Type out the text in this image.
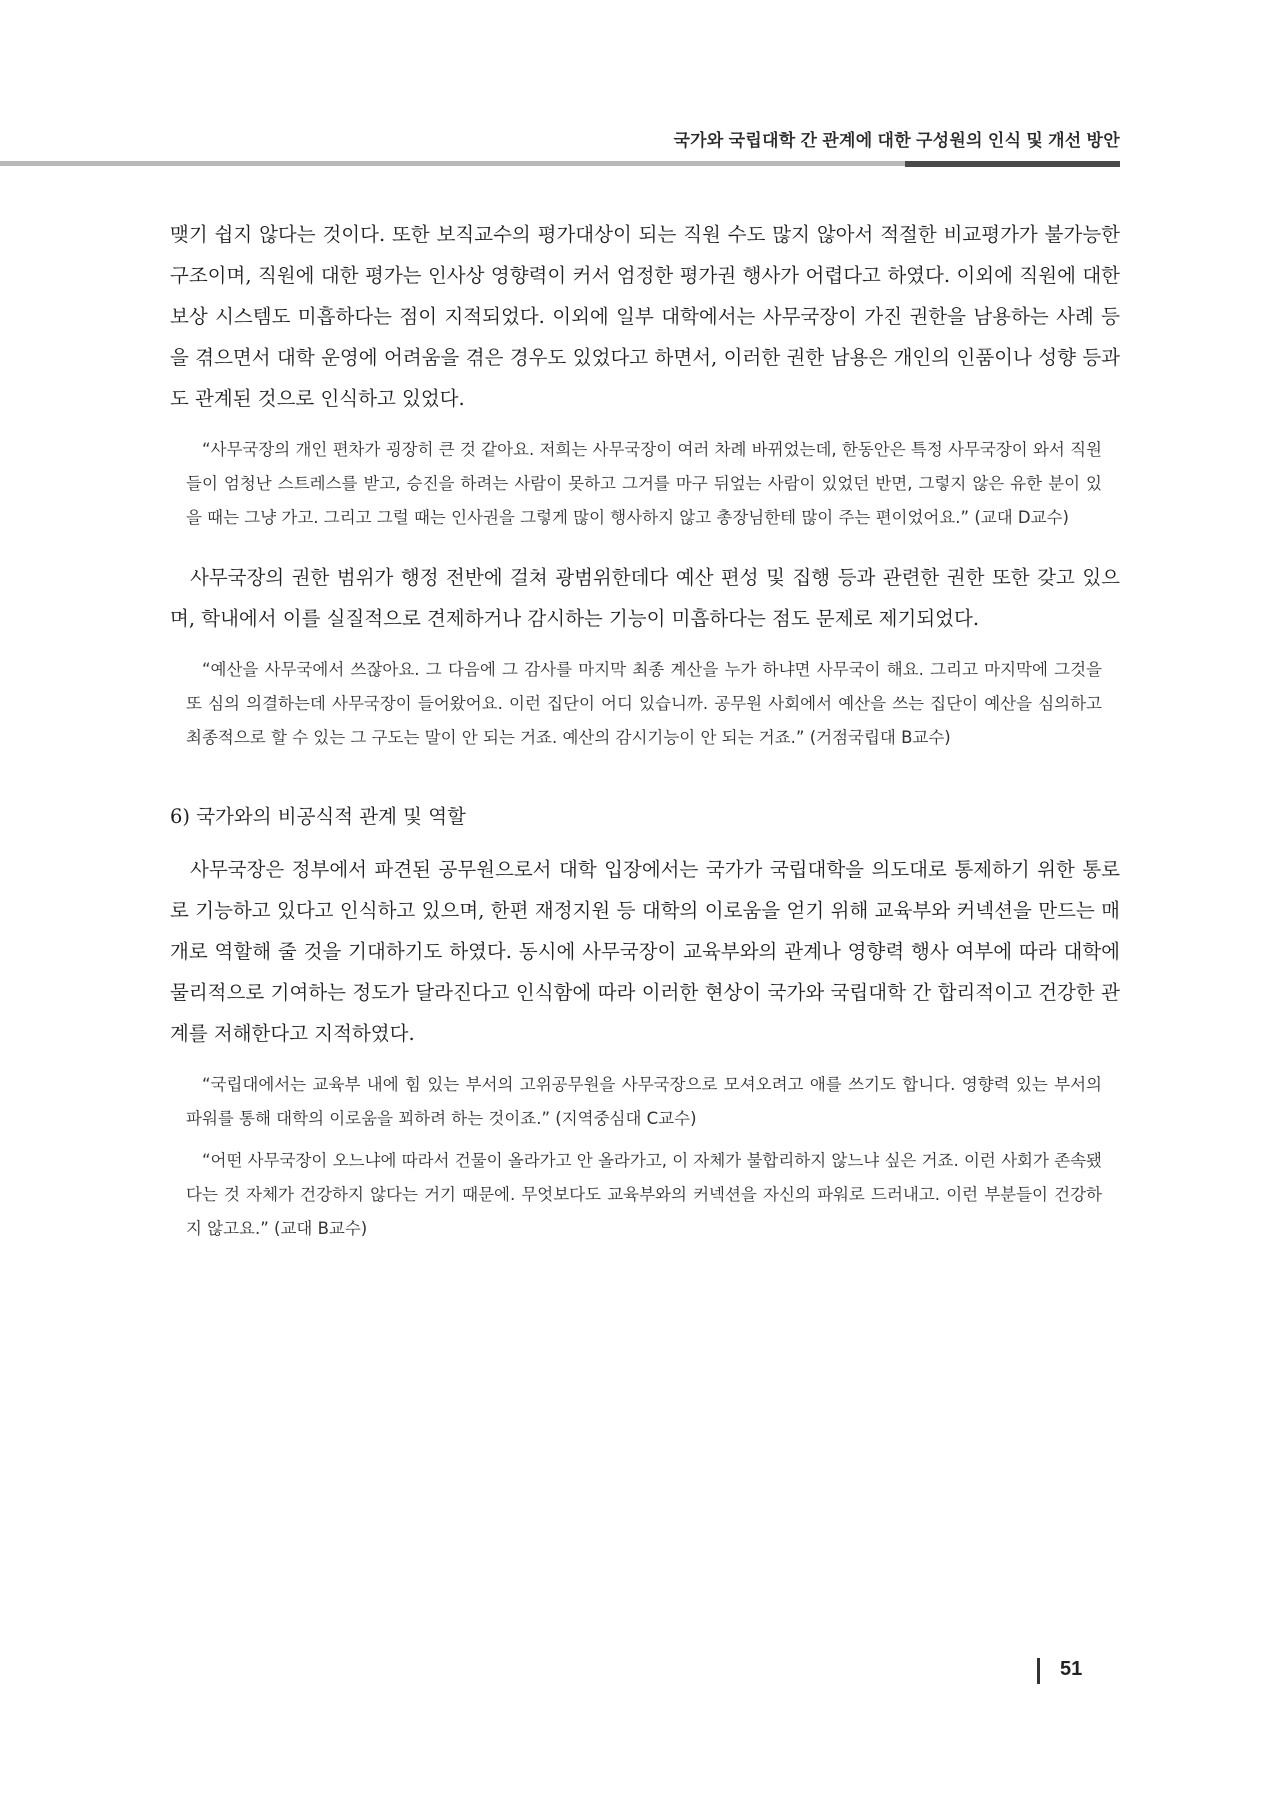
국가와 국립대학 간 관계에 대한 구성원의 인식 및 개선 방안

맺기 쉽지 않다는 것이다. 또한 보직교수의 평가대상이 되는 직원 수도 많지 않아서 적절한 비교평가가 불가능한 구조이며, 직원에 대한 평가는 인사상 영향력이 커서 엄정한 평가권 행사가 어렵다고 하였다. 이외에 직원에 대한 보상 시스템도 미흡하다는 점이 지적되었다. 이외에 일부 대학에서는 사무국장이 가진 권한을 남용하는 사례 등을 겪으면서 대학 운영에 어려움을 겪은 경우도 있었다고 하면서, 이러한 권한 남용은 개인의 인품이나 성향 등과도 관계된 것으로 인식하고 있었다.

“사무국장의 개인 편차가 굉장히 큰 것 같아요. 저희는 사무국장이 여러 차례 바뀌었는데, 한동안은 특정 사무국장이 와서 직원들이 엄청난 스트레스를 받고, 승진을 하려는 사람이 못하고 그거를 마구 뒤엎는 사람이 있었던 반면, 그렇지 않은 유한 분이 있을 때는 그냥 가고. 그리고 그럴 때는 인사권을 그렇게 많이 행사하지 않고 총장님한테 많이 주는 편이었어요.” (교대 D교수)

사무국장의 권한 범위가 행정 전반에 걸쳐 광범위한데다 예산 편성 및 집행 등과 관련한 권한 또한 갖고 있으며, 학내에서 이를 실질적으로 견제하거나 감시하는 기능이 미흡하다는 점도 문제로 제기되었다.

“예산을 사무국에서 쓰잖아요. 그 다음에 그 감사를 마지막 최종 계산을 누가 하냐면 사무국이 해요. 그리고 마지막에 그것을 또 심의 의결하는데 사무국장이 들어왔어요. 이런 집단이 어디 있습니까. 공무원 사회에서 예산을 쓰는 집단이 예산을 심의하고 최종적으로 할 수 있는 그 구도는 말이 안 되는 거죠. 예산의 감시기능이 안 되는 거죠.” (거점국립대 B교수)

6) 국가와의 비공식적 관계 및 역할

사무국장은 정부에서 파견된 공무원으로서 대학 입장에서는 국가가 국립대학을 의도대로 통제하기 위한 통로로 기능하고 있다고 인식하고 있으며, 한편 재정지원 등 대학의 이로움을 얻기 위해 교육부와 커넥션을 만드는 매개로 역할해 줄 것을 기대하기도 하였다. 동시에 사무국장이 교육부와의 관계나 영향력 행사 여부에 따라 대학에 물리적으로 기여하는 정도가 달라진다고 인식함에 따라 이러한 현상이 국가와 국립대학 간 합리적이고 건강한 관계를 저해한다고 지적하였다.

“국립대에서는 교육부 내에 힘 있는 부서의 고위공무원을 사무국장으로 모셔오려고 애를 쓰기도 합니다. 영향력 있는 부서의 파워를 통해 대학의 이로움을 꾀하려 하는 것이죠.” (지역중심대 C교수)

“어떤 사무국장이 오느냐에 따라서 건물이 올라가고 안 올라가고, 이 자체가 불합리하지 않느냐 싶은 거죠. 이런 사회가 존속됐다는 것 자체가 건강하지 않다는 거기 때문에. 무엇보다도 교육부와의 커넥션을 자신의 파워로 드러내고. 이런 부분들이 건강하지 않고요.” (교대 B교수)

51
